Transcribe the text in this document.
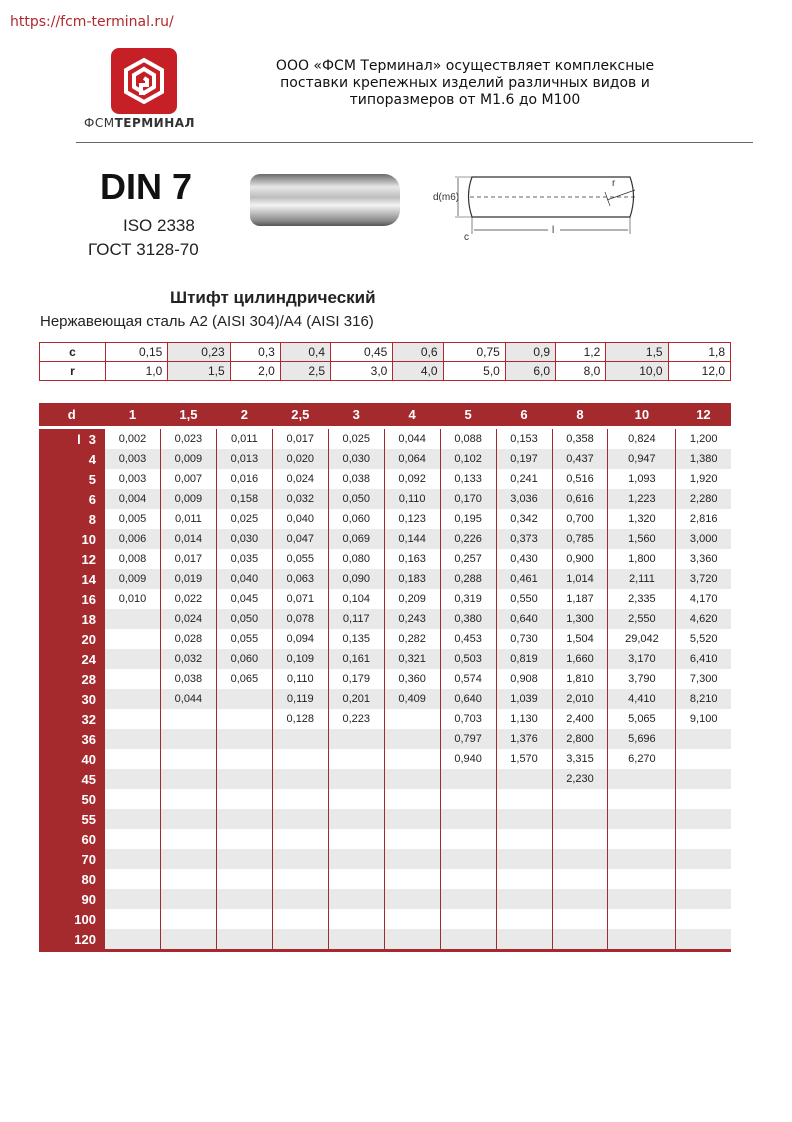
https://fcm-terminal.ru/
ФСМТЕРМИНАЛ
ООО «ФСМ Терминал» осуществляет комплексные
поставки крепежных изделий различных видов и
типоразмеров от М1.6 до М100
DIN 7
ISO 2338
ГОСТ 3128-70
d(m6)
r
c
l
Штифт цилиндрический
Нержавеющая сталь А2 (AISI 304)/А4 (AISI 316)
c	0,15	0,23	0,3	0,4	0,45	0,6	0,75	0,9	1,2	1,5	1,8
r	1,0	1,5	2,0	2,5	3,0	4,0	5,0	6,0	8,0	10,0	12,0
d	1	1,5	2	2,5	3	4	5	6	8	10	12
l 3	0,002	0,023	0,011	0,017	0,025	0,044	0,088	0,153	0,358	0,824	1,200
4	0,003	0,009	0,013	0,020	0,030	0,064	0,102	0,197	0,437	0,947	1,380
5	0,003	0,007	0,016	0,024	0,038	0,092	0,133	0,241	0,516	1,093	1,920
6	0,004	0,009	0,158	0,032	0,050	0,110	0,170	3,036	0,616	1,223	2,280
8	0,005	0,011	0,025	0,040	0,060	0,123	0,195	0,342	0,700	1,320	2,816
10	0,006	0,014	0,030	0,047	0,069	0,144	0,226	0,373	0,785	1,560	3,000
12	0,008	0,017	0,035	0,055	0,080	0,163	0,257	0,430	0,900	1,800	3,360
14	0,009	0,019	0,040	0,063	0,090	0,183	0,288	0,461	1,014	2,111	3,720
16	0,010	0,022	0,045	0,071	0,104	0,209	0,319	0,550	1,187	2,335	4,170
18		0,024	0,050	0,078	0,117	0,243	0,380	0,640	1,300	2,550	4,620
20		0,028	0,055	0,094	0,135	0,282	0,453	0,730	1,504	29,042	5,520
24		0,032	0,060	0,109	0,161	0,321	0,503	0,819	1,660	3,170	6,410
28		0,038	0,065	0,110	0,179	0,360	0,574	0,908	1,810	3,790	7,300
30		0,044		0,119	0,201	0,409	0,640	1,039	2,010	4,410	8,210
32				0,128	0,223		0,703	1,130	2,400	5,065	9,100
36							0,797	1,376	2,800	5,696	
40							0,940	1,570	3,315	6,270	
45									2,230		
50											
55											
60											
70											
80											
90											
100											
120											
